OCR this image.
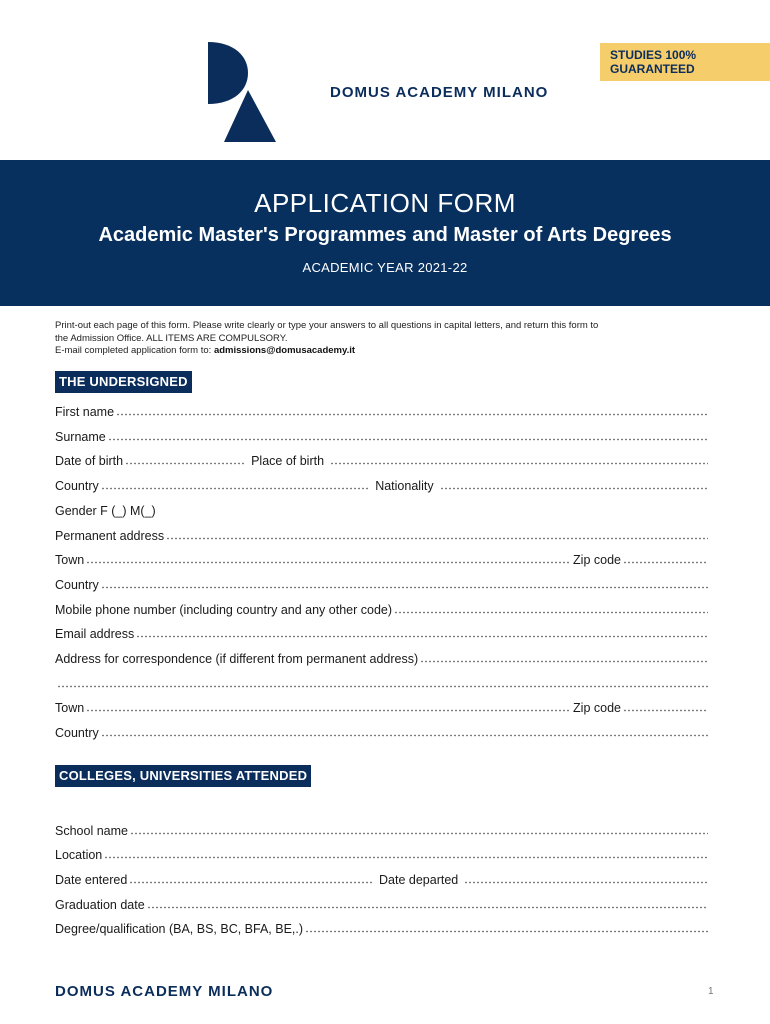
DOMUS ACADEMY MILANO
STUDIES 100%
GUARANTEED
APPLICATION FORM
Academic Master's Programmes and Master of Arts Degrees
ACADEMIC YEAR 2021-22

Print-out each page of this form. Please write clearly or type your answers to all questions in capital letters, and return this form to

the Admission Office. ALL ITEMS ARE COMPULSORY.

E-mail completed application form to: admissions@domusacademy.it

THE UNDERSIGNED
First name
Surname
Date of birth	Place of birth
Country	Nationality
Gender F (_) M(_)
Permanent address
Town	Zip code
Country
Mobile phone number (including country and any other code)
Email address
Address for correspondence (if different from permanent address)
Town	Zip code
Country
COLLEGES, UNIVERSITIES ATTENDED
School name
Location
Date entered	Date departed
Graduation date
Degree/qualification (BA, BS, BC, BFA, BE,.)
DOMUS ACADEMY MILANO	1
